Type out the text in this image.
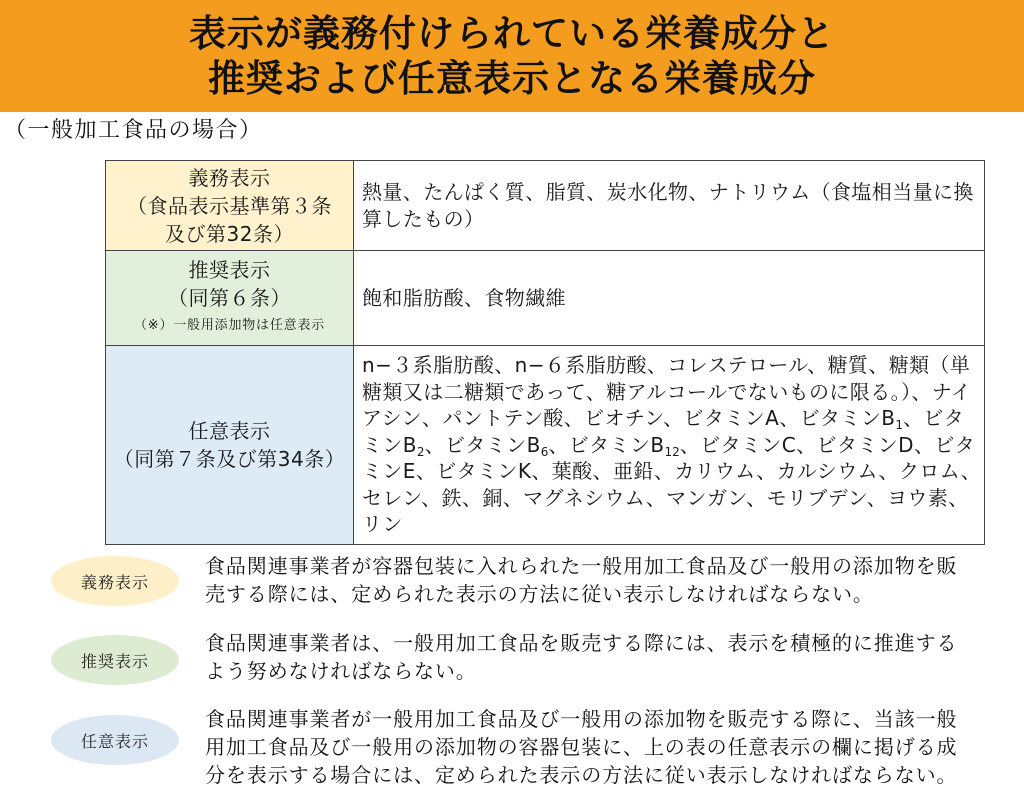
表示が義務付けられている栄養成分と
推奨および任意表示となる栄養成分
（一般加工食品の場合）
義務表示
（食品表示基準第３条
及び第32条）	熱量、たんぱく質、脂質、炭水化物、ナトリウム（食塩相当量に換算したもの）

推奨表示
（同第６条）
（※）一般用添加物は任意表示	飽和脂肪酸、食物繊維

任意表示
（同第７条及び第34条）	n−３系脂肪酸、n−６系脂肪酸、コレステロール、糖質、糖類（単糖類又は二糖類であって、糖アルコールでないものに限る。）、ナイアシン、パントテン酸、ビオチン、ビタミンA、ビタミン$B_1$、ビタミン$B_2$、ビタミン$B_6$、ビタミン$B_{12}$、ビタミンC、ビタミンD、ビタミンE、ビタミンK、葉酸、亜鉛、カリウム、カルシウム、クロム、セレン、鉄、銅、マグネシウム、マンガン、モリブデン、ヨウ素、リン
義務表示
食品関連事業者が容器包装に入れられた一般用加工食品及び一般用の添加物を販売する際には、定められた表示の方法に従い表示しなければならない。
推奨表示
食品関連事業者は、一般用加工食品を販売する際には、表示を積極的に推進するよう努めなければならない。
任意表示
食品関連事業者が一般用加工食品及び一般用の添加物を販売する際に、当該一般用加工食品及び一般用の添加物の容器包装に、上の表の任意表示の欄に掲げる成分を表示する場合には、定められた表示の方法に従い表示しなければならない。
